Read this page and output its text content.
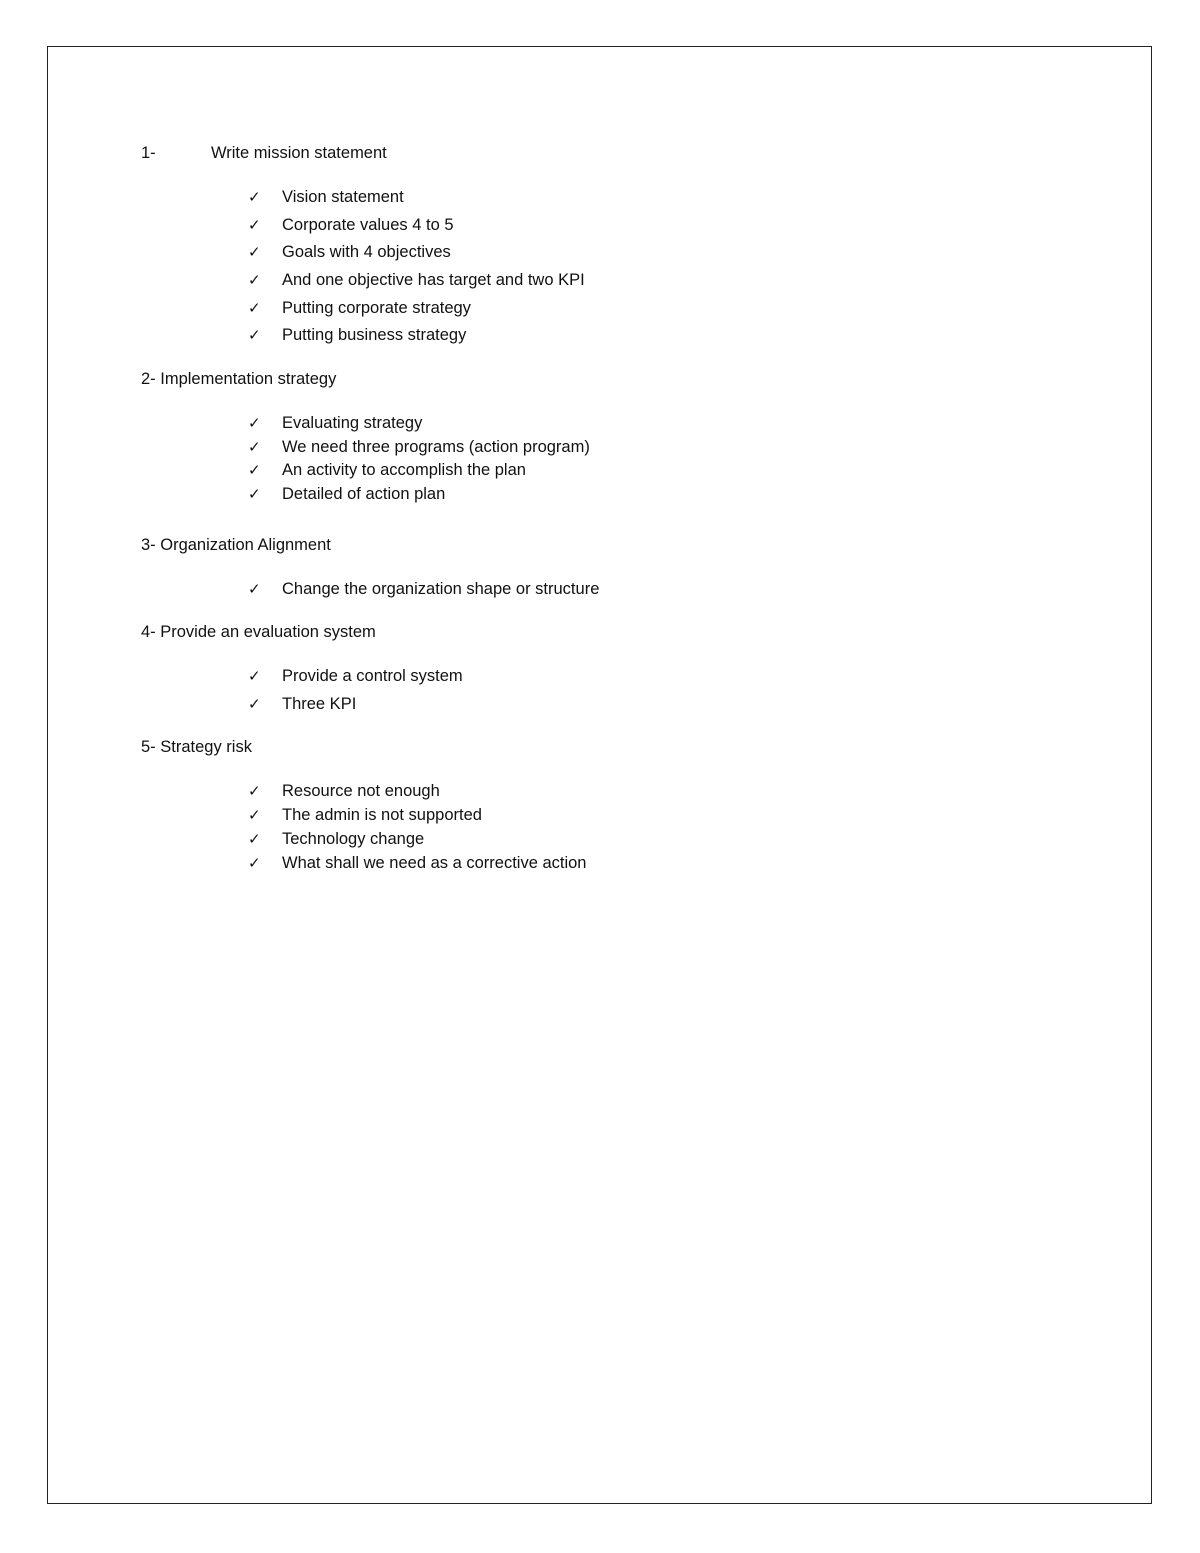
1-	Write mission statement
✓ Vision statement
✓ Corporate values 4 to 5
✓ Goals with 4 objectives
✓ And one objective has target and two KPI
✓ Putting corporate strategy
✓ Putting business strategy
2- Implementation strategy
✓ Evaluating strategy
✓ We need three programs (action program)
✓ An activity to accomplish the plan
✓ Detailed of action plan
3- Organization Alignment
✓ Change the organization shape or structure
4- Provide an evaluation system
✓ Provide a control system
✓ Three KPI
5- Strategy risk
✓ Resource not enough
✓ The admin is not supported
✓ Technology change
✓ What shall we need as a corrective action
